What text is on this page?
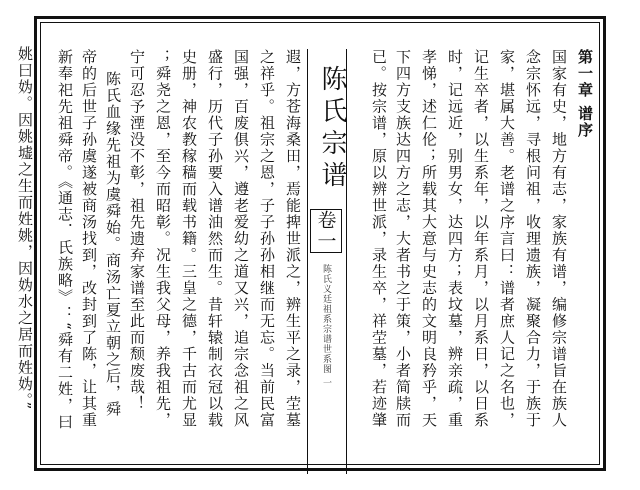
第一章 谱序
国家有史，地方有志，家族有谱，编修宗谱旨在族人
念宗怀远，寻根问祖，收理遗族，凝聚合力，于族于
家，堪属大善。老谱之序言曰：谱者庶人记之名也，
记生卒者，以生系年，以年系月，以月系日，以日系
时，记远近，别男女，达四方；表坟墓，辨亲疏，重
孝悌，述仁伦；所载其大意与史志的文明良矜乎，天
下四方支族达四方之志，大者书之于策，小者简牍而
已。按宗谱，原以辨世派，录生卒，祥茔墓，若迹肇
陈氏宗谱
卷一
陈氏义廷祖系宗谱世系图 一
遐，方苍海桑田，焉能捭世派之，辨生平之录，茔墓
之祥乎。祖宗之恩，子子孙孙相继而无忘。当前民富
国强，百废俱兴，遵老爱幼之道又兴，追宗念祖之风
盛行，历代子孙要入谱油然而生。昔轩辕制衣冠以载
史册，神农教稼穑而载书籍。三皇之德，千古而尤显
；舜尧之恩，至今而昭彰。况生我父母，养我祖先，
宁可忍予湮没不彰，祖先遗弃家谱至此而颓废哉！
陈氏血缘先祖为虞舜始。商汤亡夏立朝之后，舜
帝的后世子孙虞遂被商汤找到，改封到了陈，让其重
新奉祀先祖舜帝。《通志．氏族略》：“舜有二姓，曰
姚曰妫。因姚墟之生而姓姚，因妫水之居而姓妫。”
